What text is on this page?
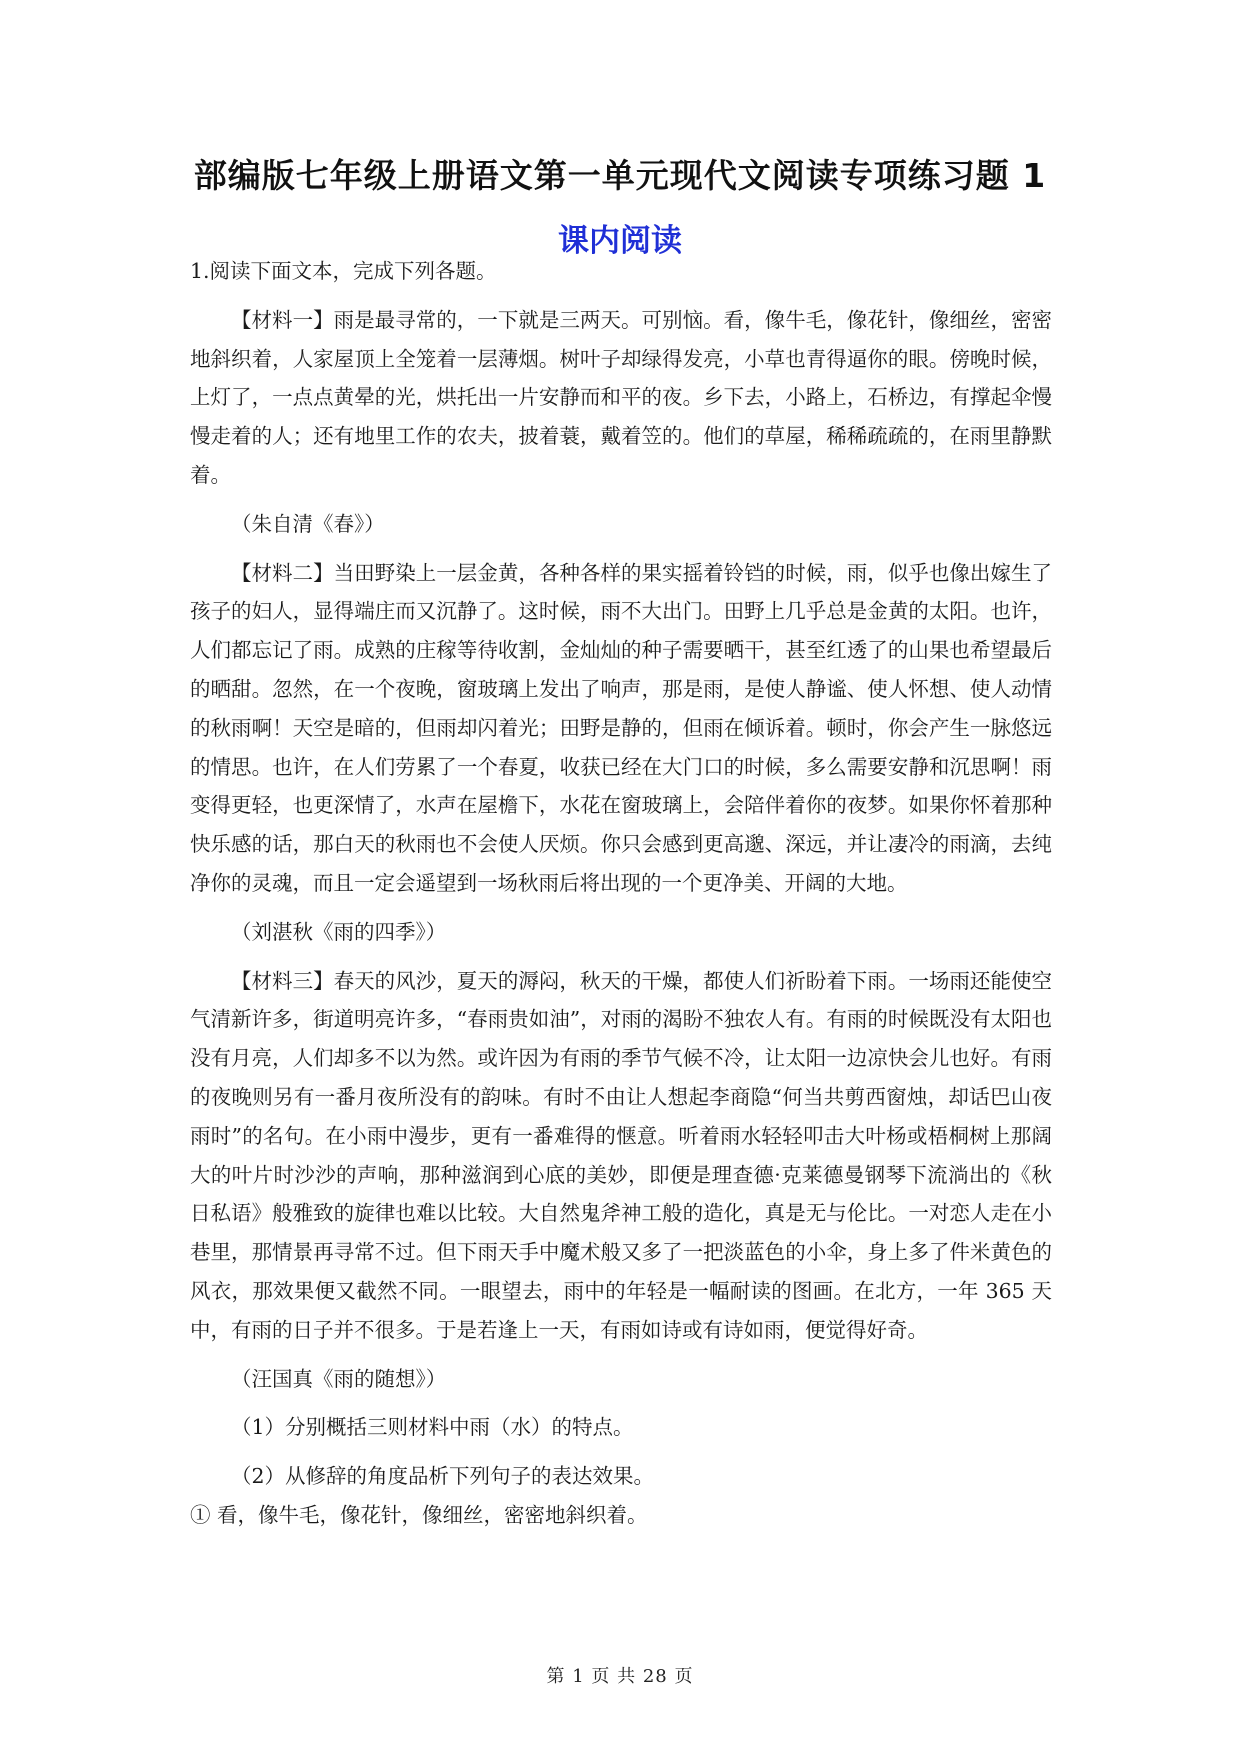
部编版七年级上册语文第一单元现代文阅读专项练习题 1
课内阅读

1.阅读下面文本，完成下列各题。

【材料一】雨是最寻常的，一下就是三两天。可别恼。看，像牛毛，像花针，像细丝，密密地斜织着，人家屋顶上全笼着一层薄烟。树叶子却绿得发亮，小草也青得逼你的眼。傍晚时候，上灯了，一点点黄晕的光，烘托出一片安静而和平的夜。乡下去，小路上，石桥边，有撑起伞慢慢走着的人；还有地里工作的农夫，披着蓑，戴着笠的。他们的草屋，稀稀疏疏的，在雨里静默着。

（朱自清《春》）

【材料二】当田野染上一层金黄，各种各样的果实摇着铃铛的时候，雨，似乎也像出嫁生了孩子的妇人，显得端庄而又沉静了。这时候，雨不大出门。田野上几乎总是金黄的太阳。也许，人们都忘记了雨。成熟的庄稼等待收割，金灿灿的种子需要晒干，甚至红透了的山果也希望最后的晒甜。忽然，在一个夜晚，窗玻璃上发出了响声，那是雨，是使人静谧、使人怀想、使人动情的秋雨啊！天空是暗的，但雨却闪着光；田野是静的，但雨在倾诉着。顿时，你会产生一脉悠远的情思。也许，在人们劳累了一个春夏，收获已经在大门口的时候，多么需要安静和沉思啊！雨变得更轻，也更深情了，水声在屋檐下，水花在窗玻璃上，会陪伴着你的夜梦。如果你怀着那种快乐感的话，那白天的秋雨也不会使人厌烦。你只会感到更高邈、深远，并让凄冷的雨滴，去纯净你的灵魂，而且一定会遥望到一场秋雨后将出现的一个更净美、开阔的大地。

（刘湛秋《雨的四季》）

【材料三】春天的风沙，夏天的溽闷，秋天的干燥，都使人们祈盼着下雨。一场雨还能使空气清新许多，街道明亮许多，“春雨贵如油”，对雨的渴盼不独农人有。有雨的时候既没有太阳也没有月亮，人们却多不以为然。或许因为有雨的季节气候不冷，让太阳一边凉快会儿也好。有雨的夜晚则另有一番月夜所没有的韵味。有时不由让人想起李商隐“何当共剪西窗烛，却话巴山夜雨时”的名句。在小雨中漫步，更有一番难得的惬意。听着雨水轻轻叩击大叶杨或梧桐树上那阔大的叶片时沙沙的声响，那种滋润到心底的美妙，即便是理查德·克莱德曼钢琴下流淌出的《秋日私语》般雅致的旋律也难以比较。大自然鬼斧神工般的造化，真是无与伦比。一对恋人走在小巷里，那情景再寻常不过。但下雨天手中魔术般又多了一把淡蓝色的小伞，身上多了件米黄色的风衣，那效果便又截然不同。一眼望去，雨中的年轻是一幅耐读的图画。在北方，一年 365 天中，有雨的日子并不很多。于是若逢上一天，有雨如诗或有诗如雨，便觉得好奇。

（汪国真《雨的随想》）

（1）分别概括三则材料中雨（水）的特点。

（2）从修辞的角度品析下列句子的表达效果。

① 看，像牛毛，像花针，像细丝，密密地斜织着。

第 1 页 共 28 页
